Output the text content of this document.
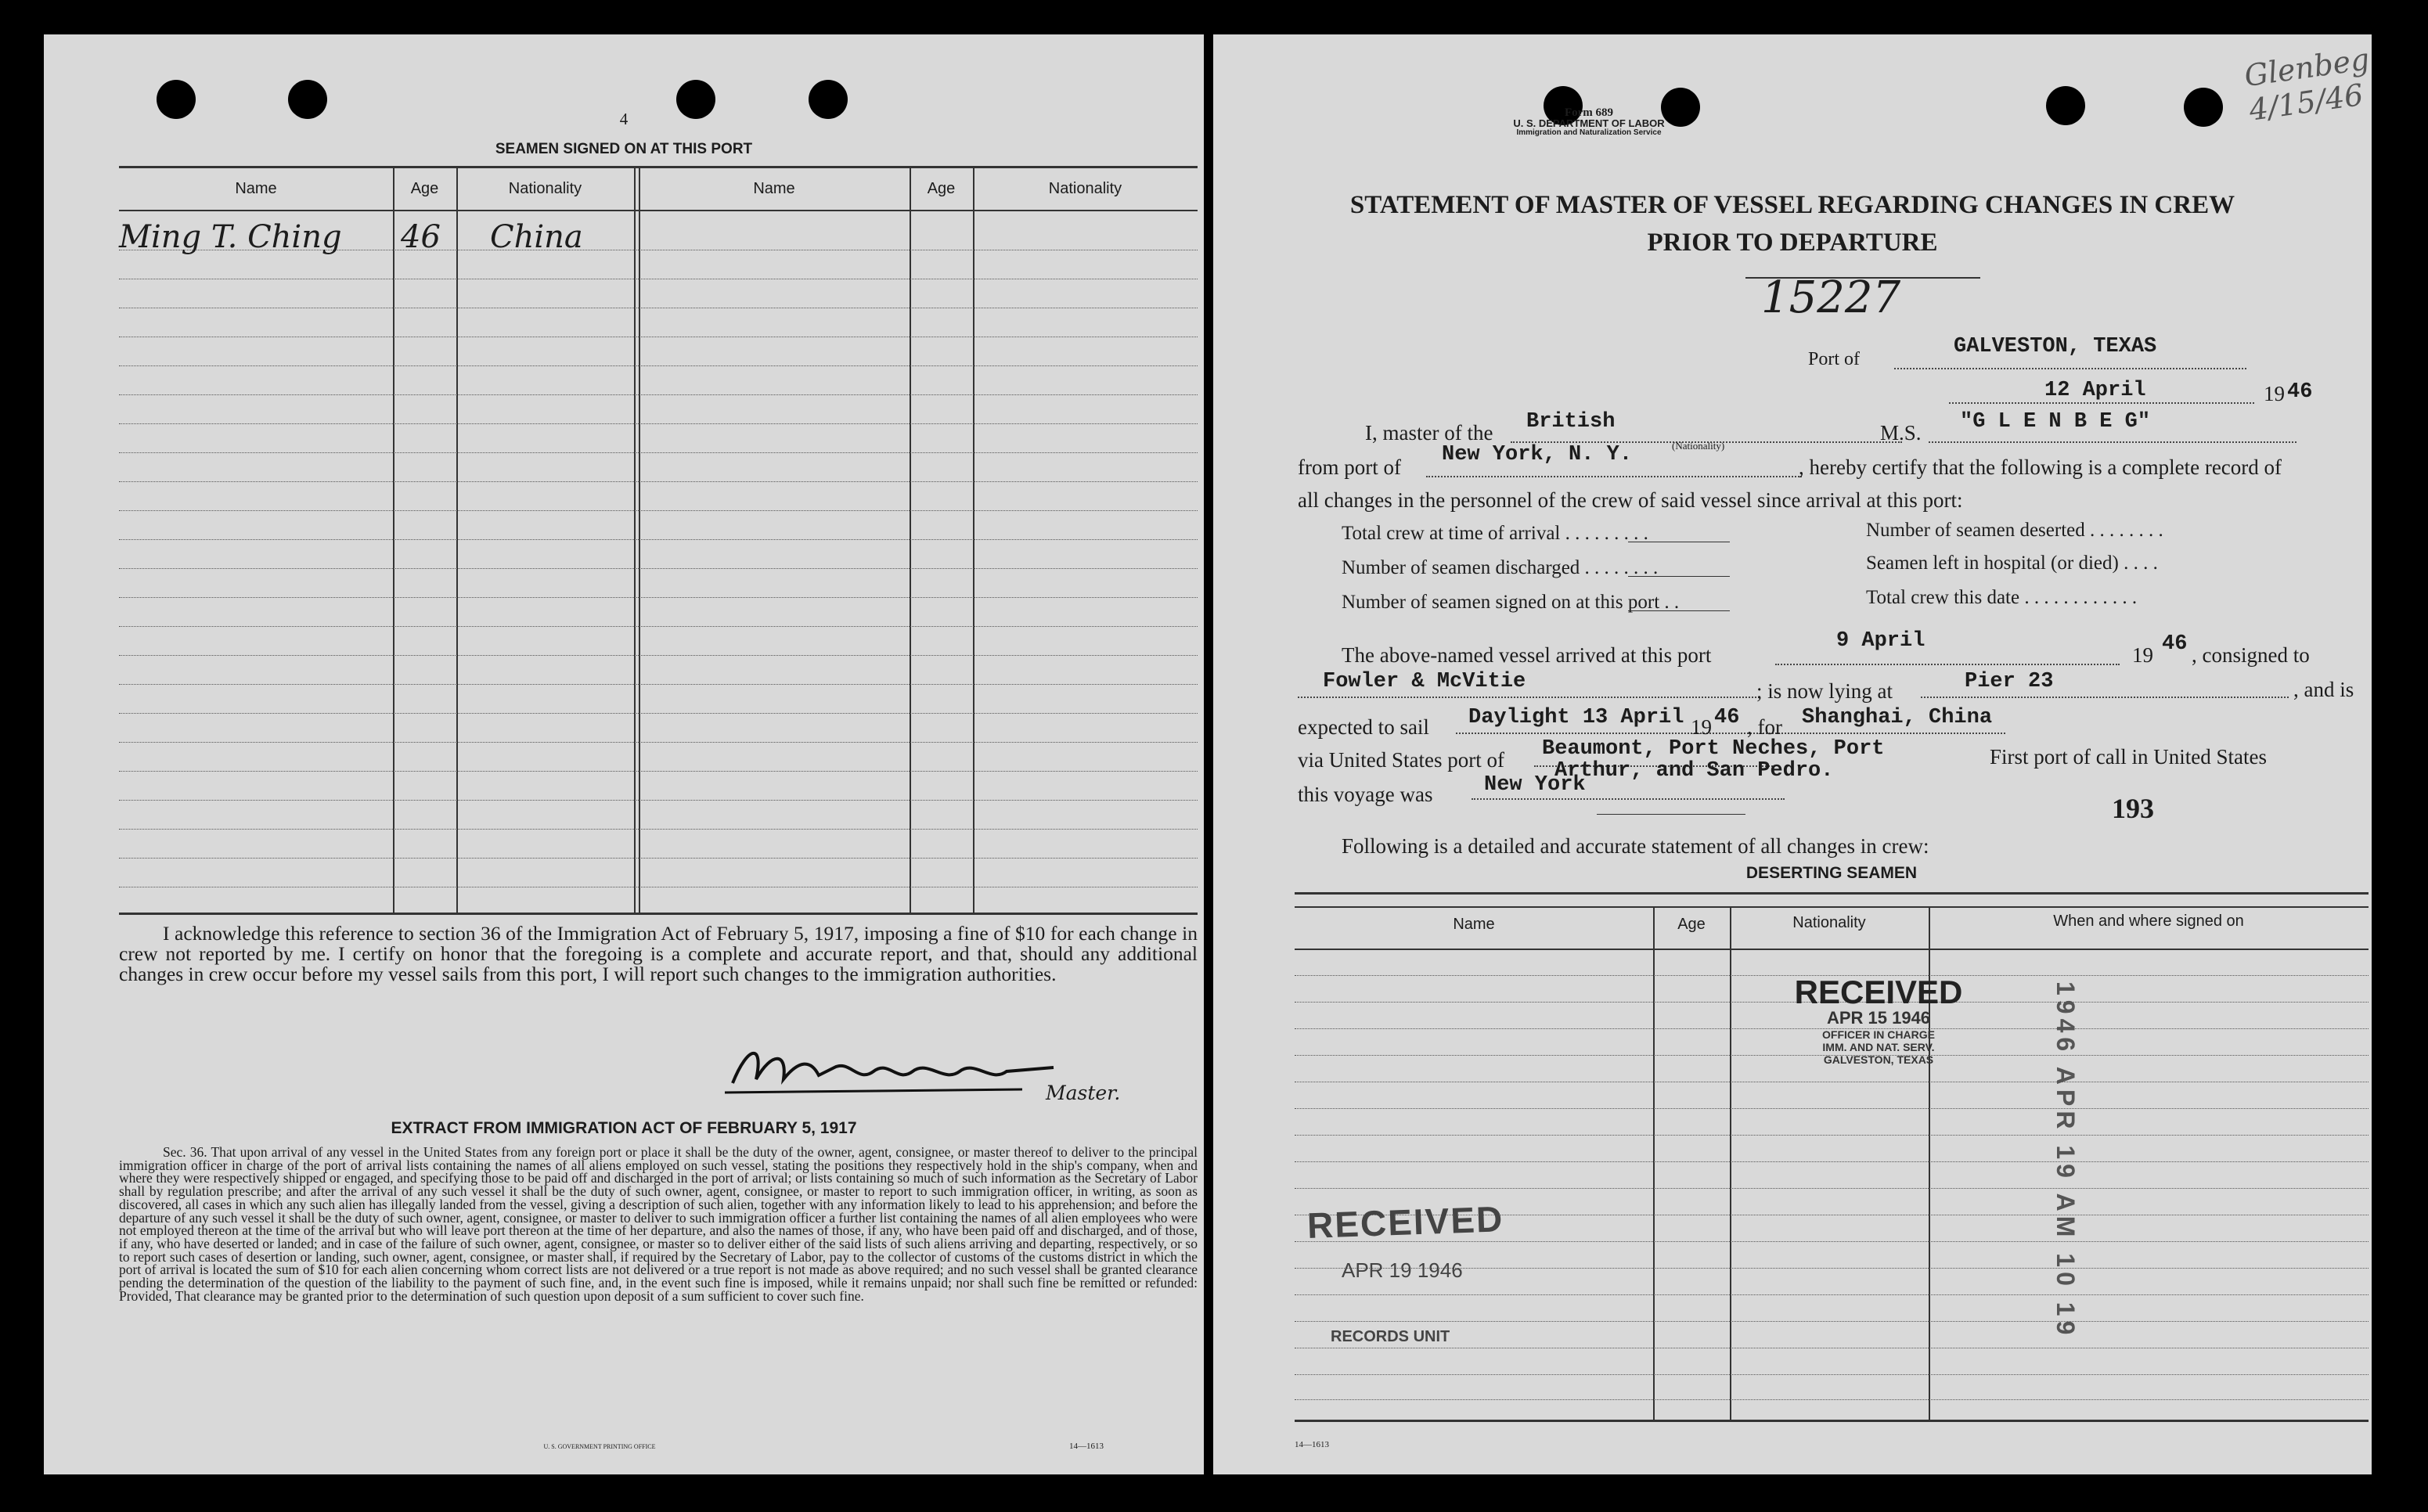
4
SEAMEN SIGNED ON AT THIS PORT
Name	Age	Nationality	Name	Age	Nationality
Ming T. Ching 46 China
I acknowledge this reference to section 36 of the Immigration Act of February 5, 1917, imposing a fine of $10 for each change in crew not reported by me. I certify on honor that the foregoing is a complete and accurate report, and that, should any additional changes in crew occur before my vessel sails from this port, I will report such changes to the immigration authorities.
Master.
EXTRACT FROM IMMIGRATION ACT OF FEBRUARY 5, 1917
Sec. 36. That upon arrival of any vessel in the United States from any foreign port or place it shall be the duty of the owner, agent, consignee, or master thereof to deliver to the principal immigration officer in charge of the port of arrival lists containing the names of all aliens employed on such vessel, stating the positions they respectively hold in the ship's company, when and where they were respectively shipped or engaged, and specifying those to be paid off and discharged in the port of arrival; or lists containing so much of such information as the Secretary of Labor shall by regulation prescribe; and after the arrival of any such vessel it shall be the duty of such owner, agent, consignee, or master to report to such immigration officer, in writing, as soon as discovered, all cases in which any such alien has illegally landed from the vessel, giving a description of such alien, together with any information likely to lead to his apprehension; and before the departure of any such vessel it shall be the duty of such owner, agent, consignee, or master to deliver to such immigration officer a further list containing the names of all alien employees who were not employed thereon at the time of the arrival but who will leave port thereon at the time of her departure, and also the names of those, if any, who have been paid off and discharged, and of those, if any, who have deserted or landed; and in case of the failure of such owner, agent, consignee, or master so to deliver either of the said lists of such aliens arriving and departing, respectively, or so to report such cases of desertion or landing, such owner, agent, consignee, or master shall, if required by the Secretary of Labor, pay to the collector of customs of the customs district in which the port of arrival is located the sum of $10 for each alien concerning whom correct lists are not delivered or a true report is not made as above required; and no such vessel shall be granted clearance pending the determination of the question of the liability to the payment of such fine, and, in the event such fine is imposed, while it remains unpaid; nor shall such fine be remitted or refunded: Provided, That clearance may be granted prior to the determination of such question upon deposit of a sum sufficient to cover such fine.
U. S. GOVERNMENT PRINTING OFFICE	14—1613
Glenbeg 4/15/46
Form 689
U. S. DEPARTMENT OF LABOR
Immigration and Naturalization Service
STATEMENT OF MASTER OF VESSEL REGARDING CHANGES IN CREW
PRIOR TO DEPARTURE
15227
Port of
GALVESTON, TEXAS
12 April	19 46
I, master of the British	M.S. "G L E N B E G"
from port of
New York, N. Y.	(Nationality)
, hereby certify that the following is a complete record of
all changes in the personnel of the crew of said vessel since arrival at this port:
Total crew at time of arrival . . . . . . . . .
Number of seamen discharged . . . . . . . .
Number of seamen signed on at this port . .
Number of seamen deserted . . . . . . . .
Seamen left in hospital (or died) . . . .
Total crew this date . . . . . . . . . . . .
The above-named vessel arrived at this port
9 April
19 46 , consigned to
Fowler & McVitie	; is now lying at	Pier 23	, and is
expected to sail Daylight 13 April 19 46 , for Shanghai, China
via United States port of Beaumont, Port Neches, Port
Arthur, and San Pedro.
First port of call in United States
this voyage was New York
193
Following is a detailed and accurate statement of all changes in crew:
DESERTING SEAMEN
Name	Age	Nationality	When and where signed on
RECEIVED
APR 15 1946
OFFICER IN CHARGE
IMM. AND NAT. SERV.
GALVESTON, TEXAS
RECEIVED
APR 19 1946
RECORDS UNIT	1946 APR 19 AM 10 19
14—1613
